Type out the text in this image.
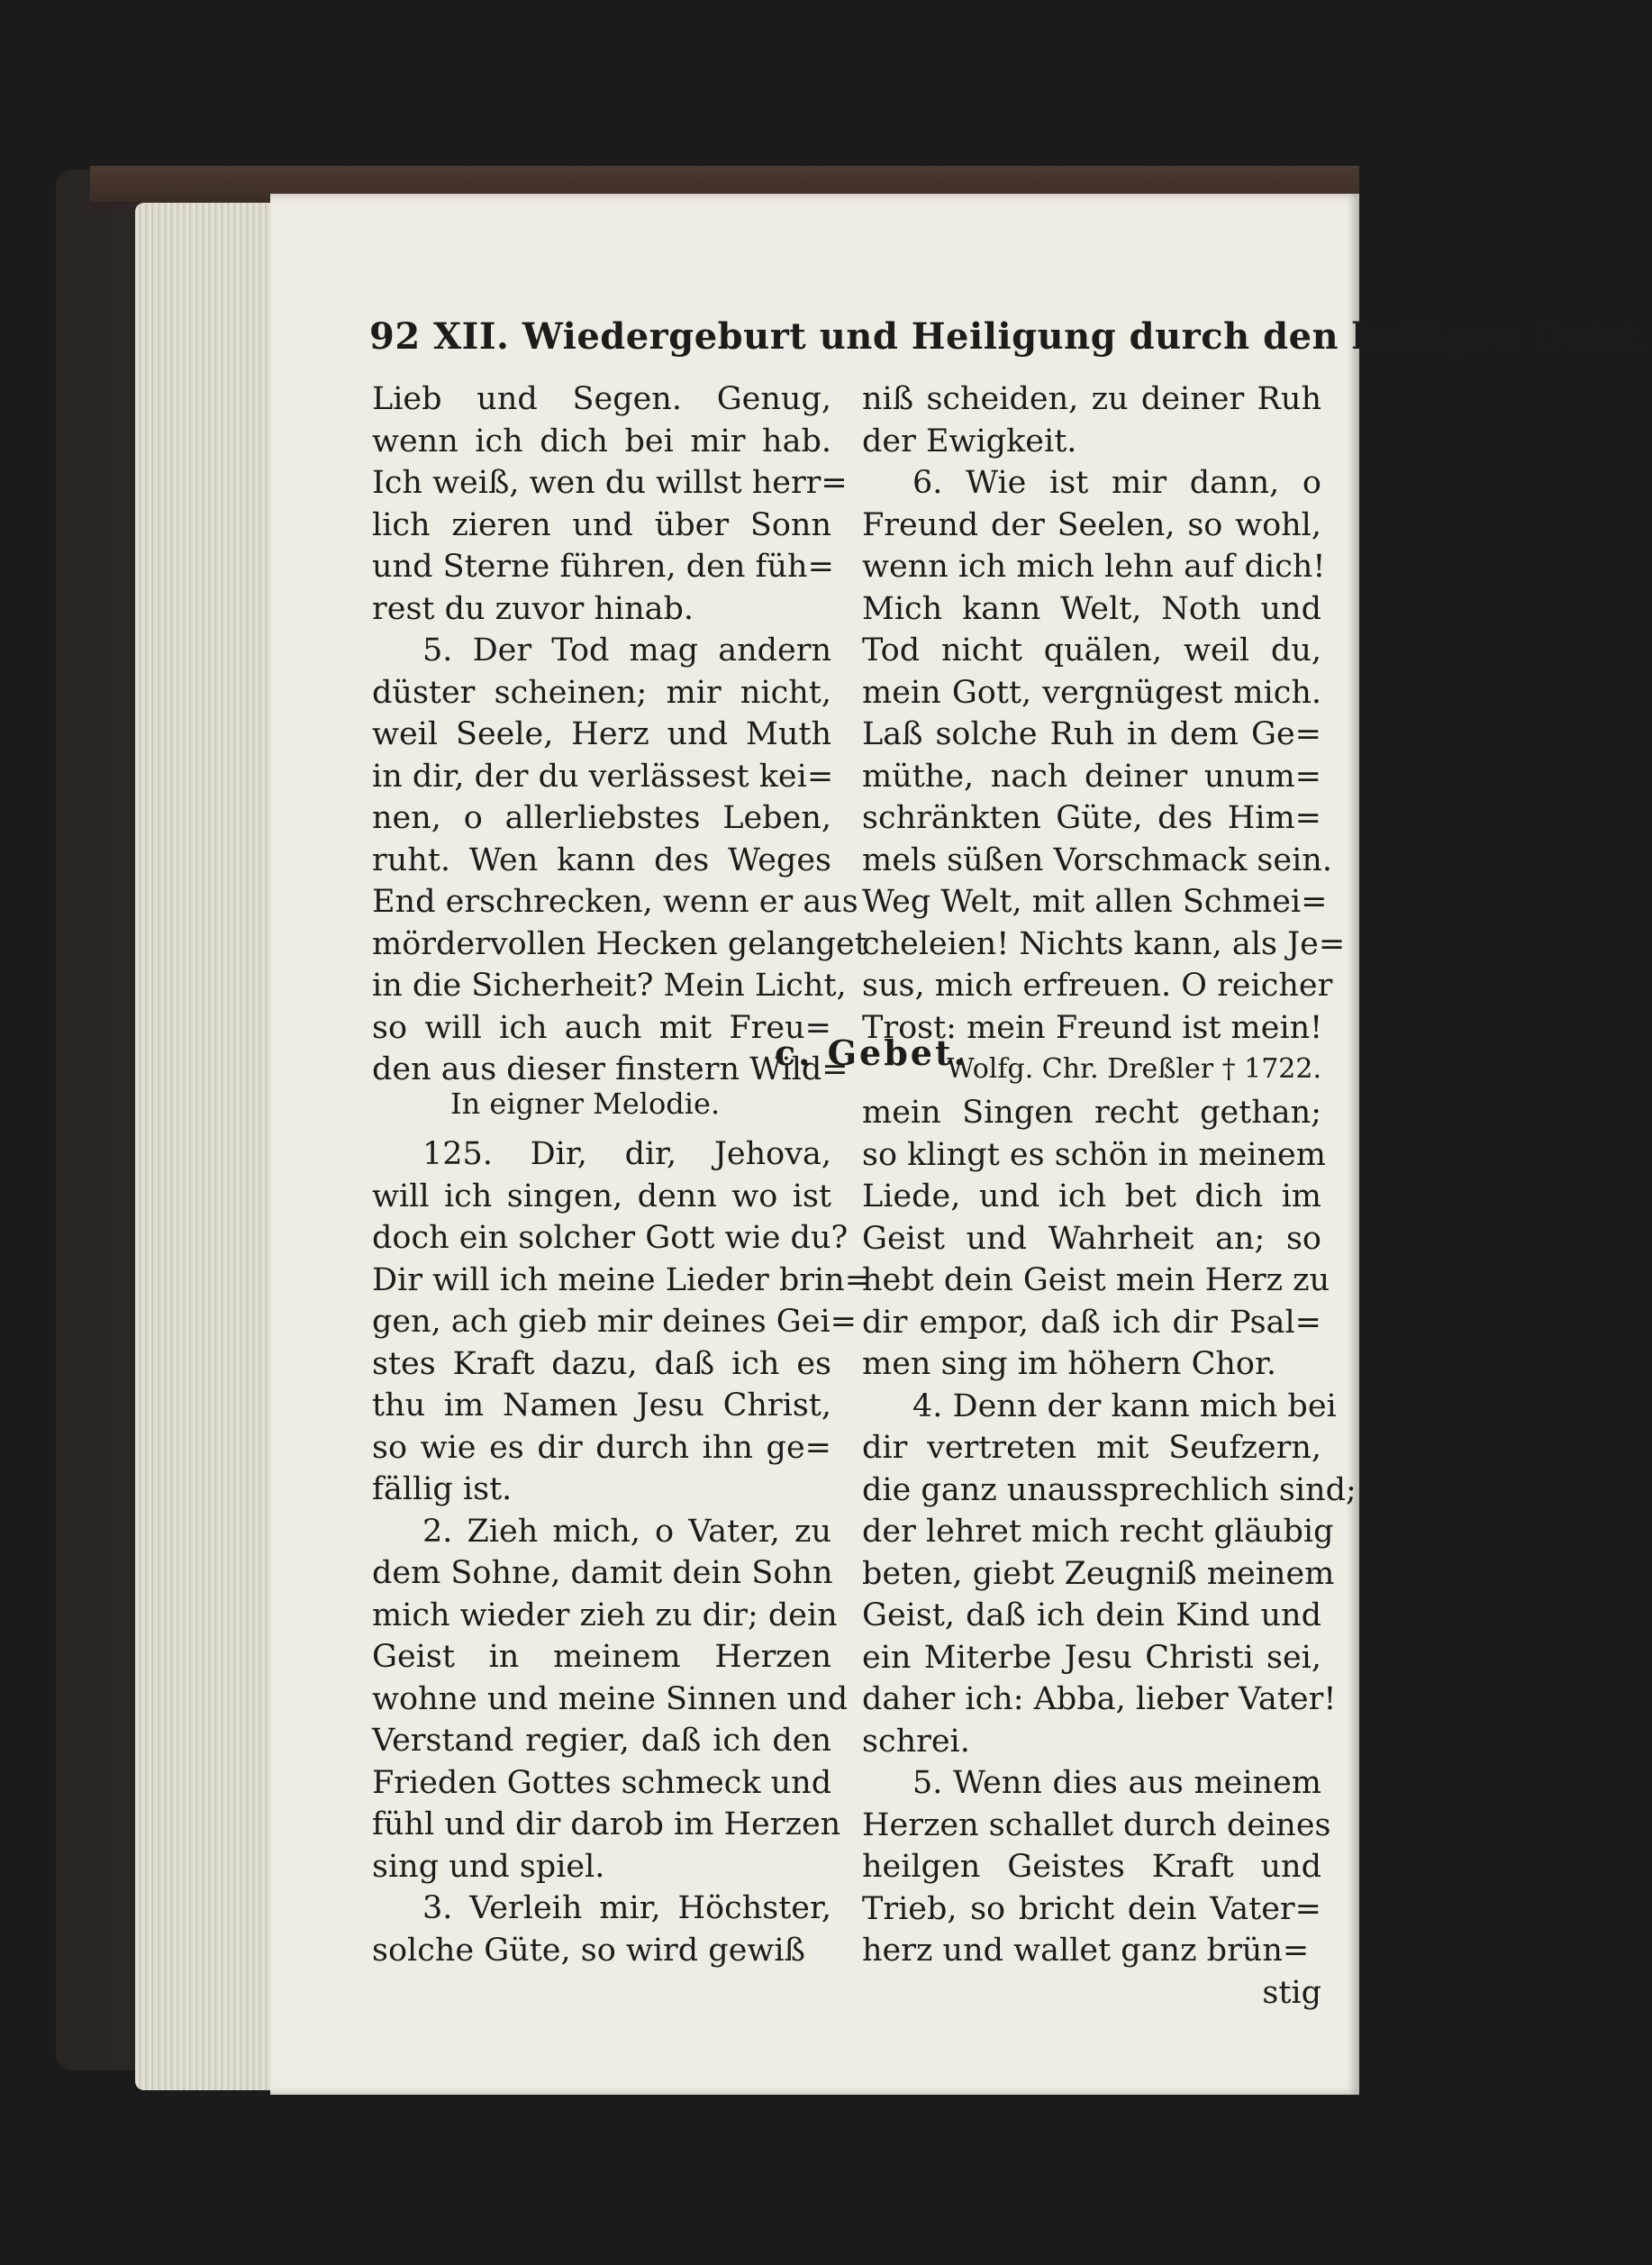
92 XII. Wiedergeburt und Heiligung durch den heiligen Geist.
Lieb und Segen. Genug,
wenn ich dich bei mir hab.
Ich weiß, wen du willst herr=
lich zieren und über Sonn
und Sterne führen, den füh=
rest du zuvor hinab.
5. Der Tod mag andern
düster scheinen; mir nicht,
weil Seele, Herz und Muth
in dir, der du verlässest kei=
nen, o allerliebstes Leben,
ruht. Wen kann des Weges
End erschrecken, wenn er aus
mördervollen Hecken gelanget
in die Sicherheit? Mein Licht,
so will ich auch mit Freu=
den aus dieser finstern Wild=
niß scheiden, zu deiner Ruh
der Ewigkeit.
6. Wie ist mir dann, o
Freund der Seelen, so wohl,
wenn ich mich lehn auf dich!
Mich kann Welt, Noth und
Tod nicht quälen, weil du,
mein Gott, vergnügest mich.
Laß solche Ruh in dem Ge=
müthe, nach deiner unum=
schränkten Güte, des Him=
mels süßen Vorschmack sein.
Weg Welt, mit allen Schmei=
cheleien! Nichts kann, als Je=
sus, mich erfreuen. O reicher
Trost: mein Freund ist mein!
Wolfg. Chr. Dreßler † 1722.
c. Gebet.
In eigner Melodie.
125. Dir, dir, Jehova,
will ich singen, denn wo ist
doch ein solcher Gott wie du?
Dir will ich meine Lieder brin=
gen, ach gieb mir deines Gei=
stes Kraft dazu, daß ich es
thu im Namen Jesu Christ,
so wie es dir durch ihn ge=
fällig ist.
2. Zieh mich, o Vater, zu
dem Sohne, damit dein Sohn
mich wieder zieh zu dir; dein
Geist in meinem Herzen
wohne und meine Sinnen und
Verstand regier, daß ich den
Frieden Gottes schmeck und
fühl und dir darob im Herzen
sing und spiel.
3. Verleih mir, Höchster,
solche Güte, so wird gewiß
mein Singen recht gethan;
so klingt es schön in meinem
Liede, und ich bet dich im
Geist und Wahrheit an; so
hebt dein Geist mein Herz zu
dir empor, daß ich dir Psal=
men sing im höhern Chor.
4. Denn der kann mich bei
dir vertreten mit Seufzern,
die ganz unaussprechlich sind;
der lehret mich recht gläubig
beten, giebt Zeugniß meinem
Geist, daß ich dein Kind und
ein Miterbe Jesu Christi sei,
daher ich: Abba, lieber Vater!
schrei.
5. Wenn dies aus meinem
Herzen schallet durch deines
heilgen Geistes Kraft und
Trieb, so bricht dein Vater=
herz und wallet ganz brün=
stig
